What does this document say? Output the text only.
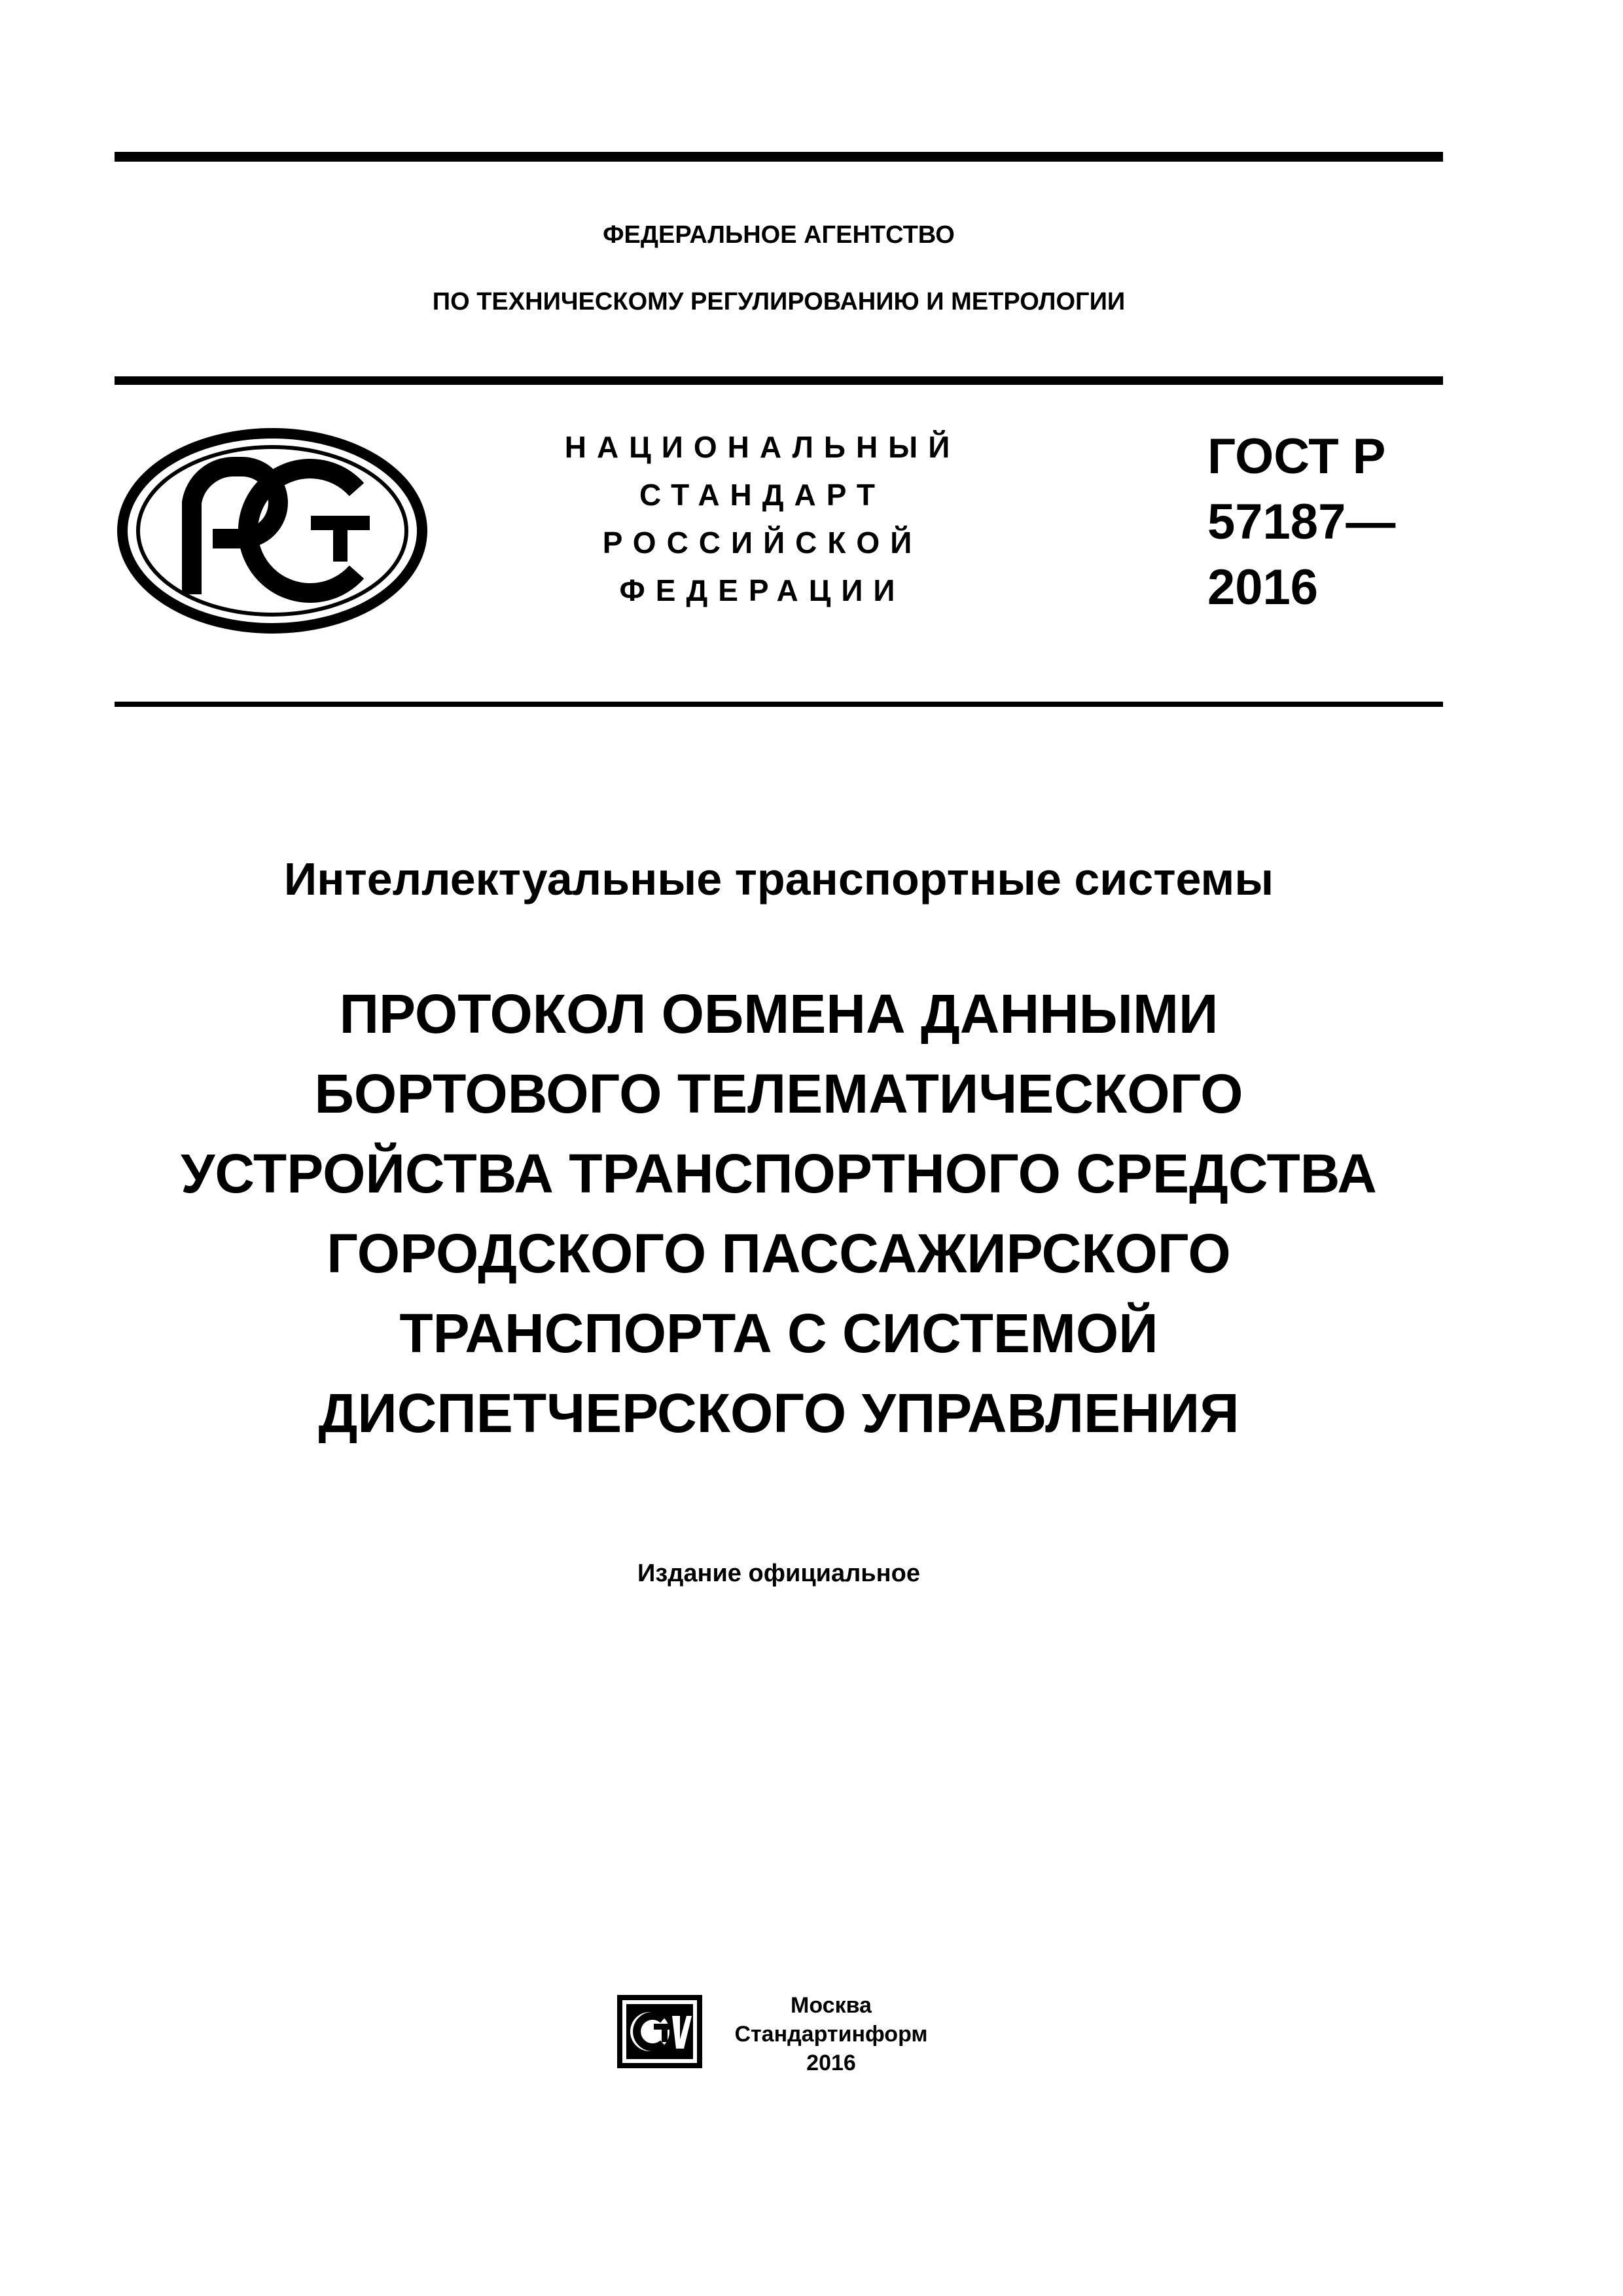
ФЕДЕРАЛЬНОЕ АГЕНТСТВО
ПО ТЕХНИЧЕСКОМУ РЕГУЛИРОВАНИЮ И МЕТРОЛОГИИ
НАЦИОНАЛЬНЫЙ
СТАНДАРТ
РОССИЙСКОЙ
ФЕДЕРАЦИИ
ГОСТ Р
57187—
2016
Интеллектуальные транспортные системы
ПРОТОКОЛ ОБМЕНА ДАННЫМИ
БОРТОВОГО ТЕЛЕМАТИЧЕСКОГО
УСТРОЙСТВА ТРАНСПОРТНОГО СРЕДСТВА
ГОРОДСКОГО ПАССАЖИРСКОГО
ТРАНСПОРТА С СИСТЕМОЙ
ДИСПЕТЧЕРСКОГО УПРАВЛЕНИЯ
Издание официальное
Москва
Стандартинформ
2016
